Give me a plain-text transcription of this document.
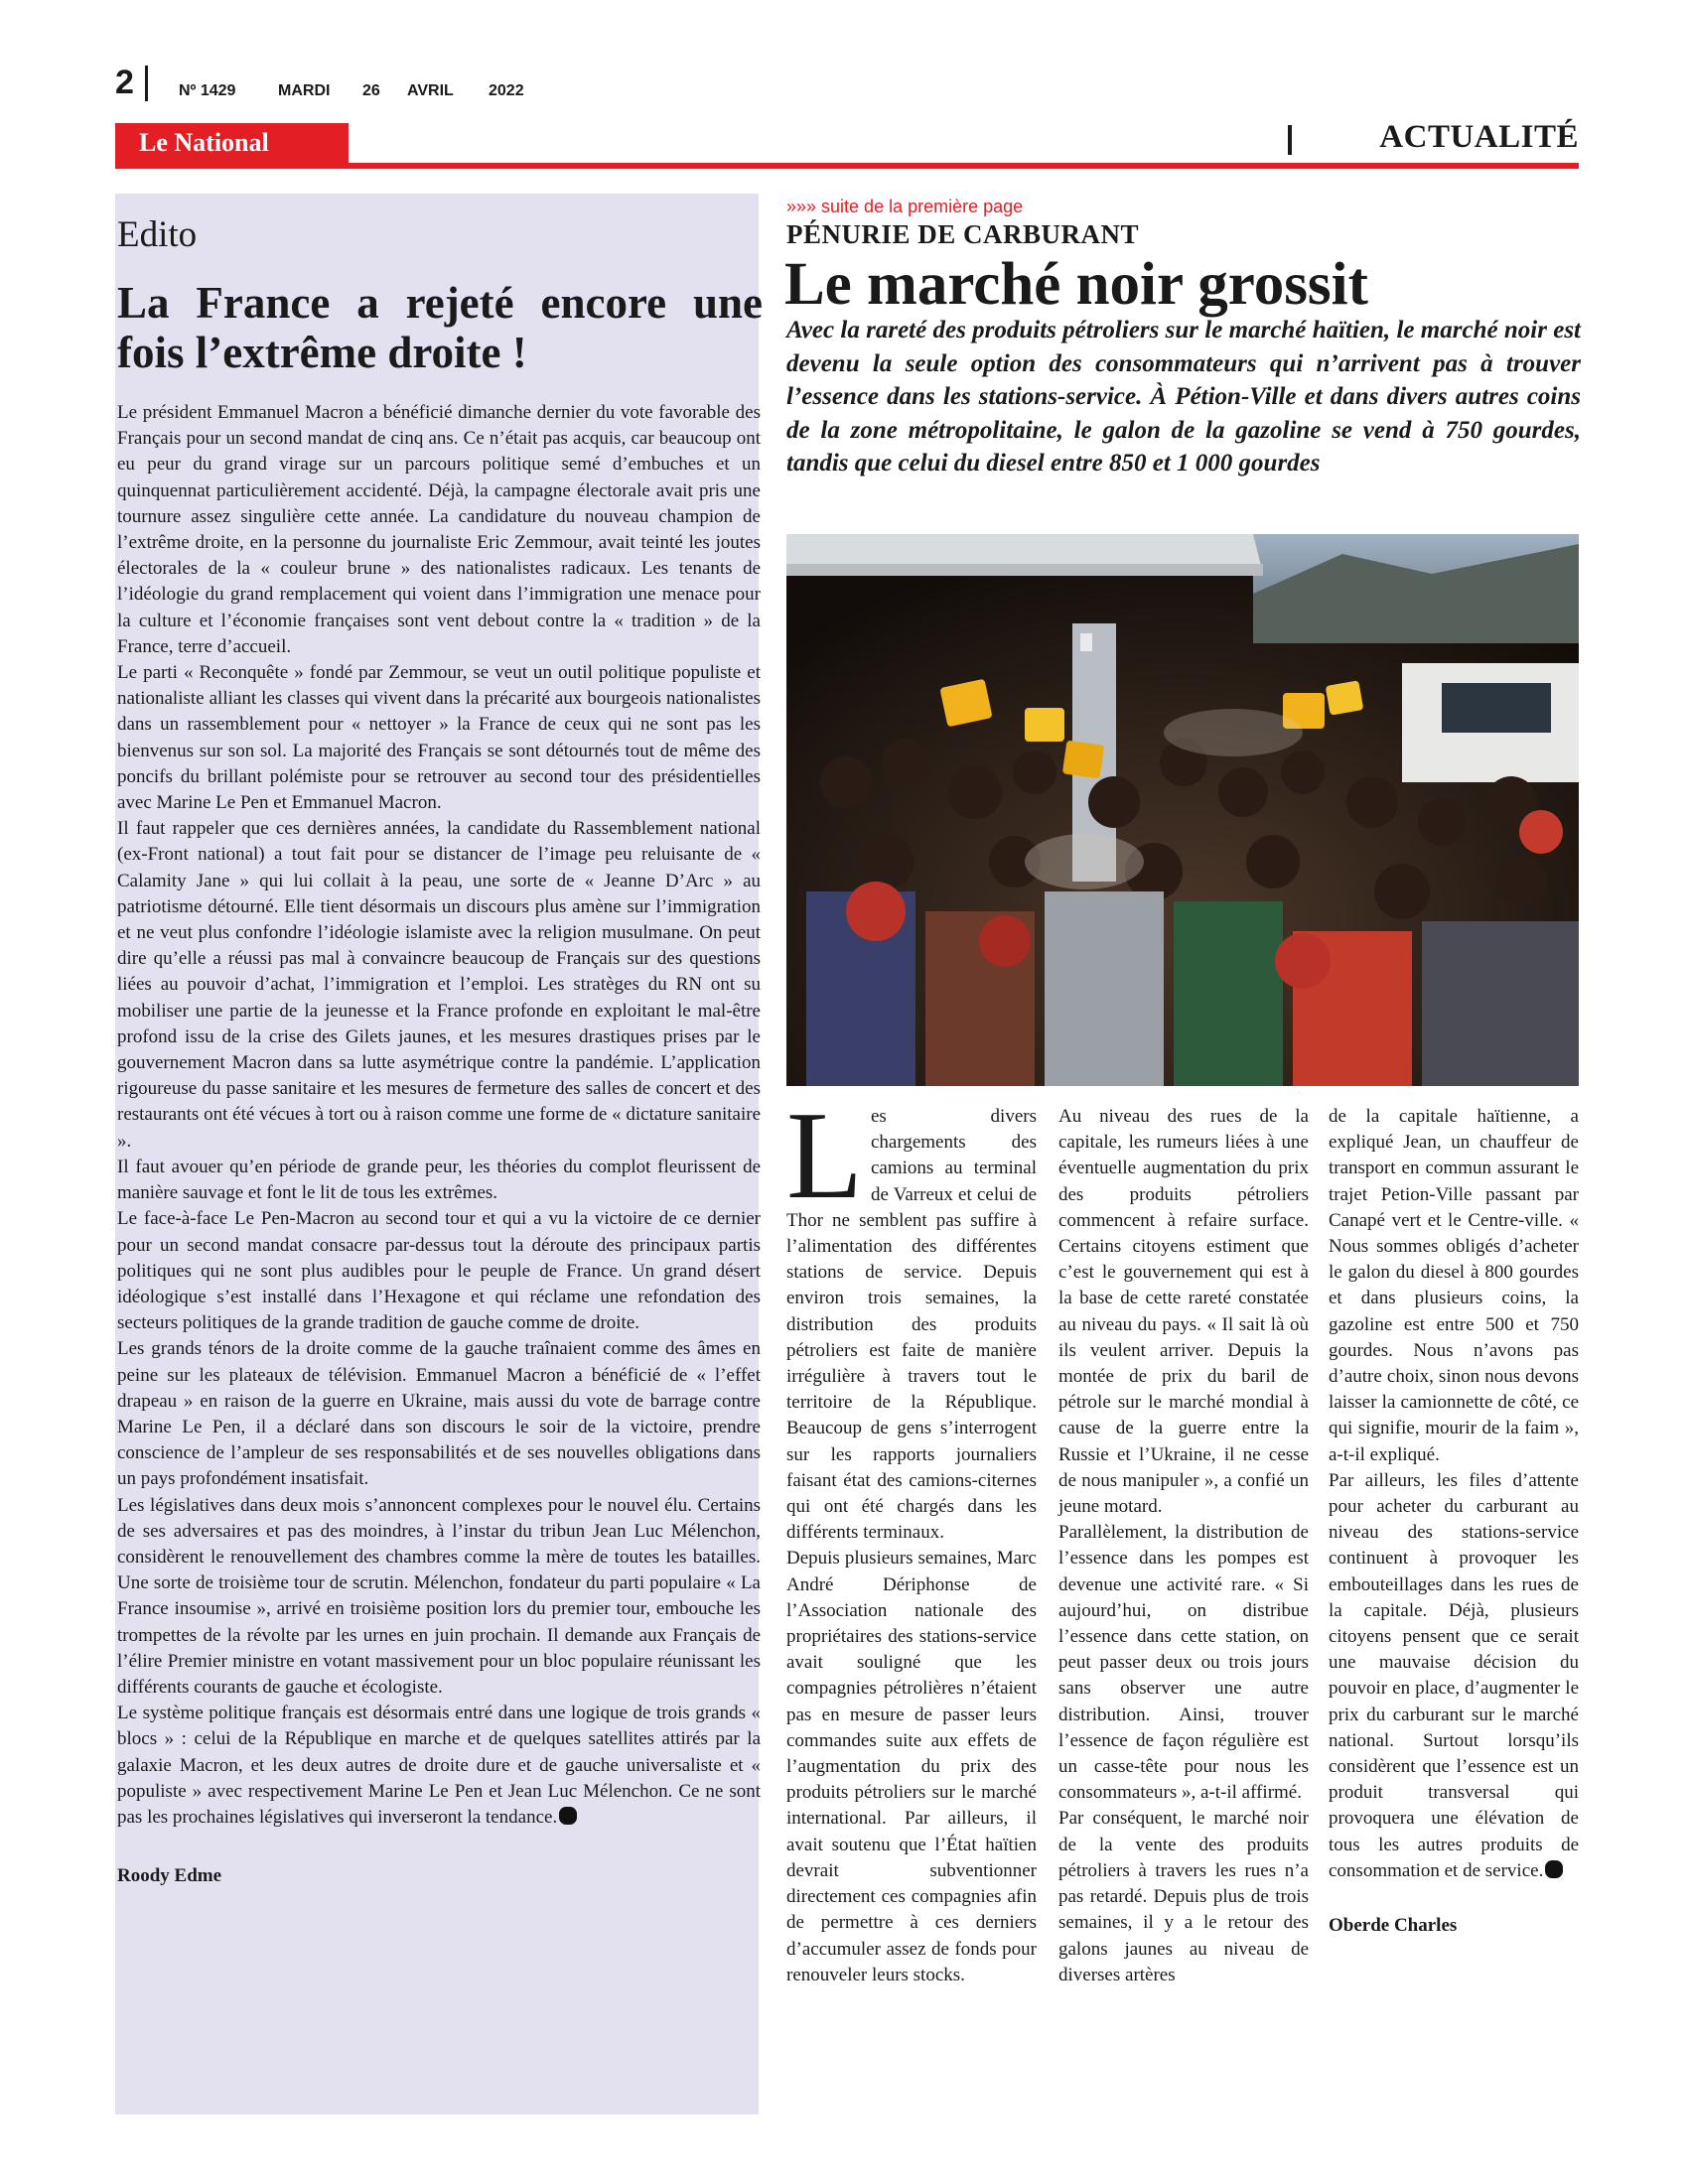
2	Nº 1429	MARDI 26 AVRIL 2022
Le National	ACTUALITÉ
Edito
La France a rejeté encore une fois l’extrême droite !

Le président Emmanuel Macron a bénéficié dimanche dernier du vote favorable des Français pour un second mandat de cinq ans. Ce n’était pas acquis, car beaucoup ont eu peur du grand virage sur un parcours politique semé d’embuches et un quinquennat particulièrement accidenté. Déjà, la campagne électorale avait pris une tournure assez singulière cette année. La candidature du nouveau champion de l’extrême droite, en la personne du journaliste Eric Zemmour, avait teinté les joutes électorales de la « couleur brune » des nationalistes radicaux. Les tenants de l’idéologie du grand remplacement qui voient dans l’immigration une menace pour la culture et l’économie françaises sont vent debout contre la « tradition » de la France, terre d’accueil.

Le parti « Reconquête » fondé par Zemmour, se veut un outil politique populiste et nationaliste alliant les classes qui vivent dans la précarité aux bourgeois nationalistes dans un rassemblement pour « nettoyer » la France de ceux qui ne sont pas les bienvenus sur son sol. La majorité des Français se sont détournés tout de même des poncifs du brillant polémiste pour se retrouver au second tour des présidentielles avec Marine Le Pen et Emmanuel Macron.

Il faut rappeler que ces dernières années, la candidate du Rassemblement national (ex-Front national) a tout fait pour se distancer de l’image peu reluisante de « Calamity Jane » qui lui collait à la peau, une sorte de « Jeanne D’Arc » au patriotisme détourné. Elle tient désormais un discours plus amène sur l’immigration et ne veut plus confondre l’idéologie islamiste avec la religion musulmane. On peut dire qu’elle a réussi pas mal à convaincre beaucoup de Français sur des questions liées au pouvoir d’achat, l’immigration et l’emploi. Les stratèges du RN ont su mobiliser une partie de la jeunesse et la France profonde en exploitant le mal-être profond issu de la crise des Gilets jaunes, et les mesures drastiques prises par le gouvernement Macron dans sa lutte asymétrique contre la pandémie. L’application rigoureuse du passe sanitaire et les mesures de fermeture des salles de concert et des restaurants ont été vécues à tort ou à raison comme une forme de « dictature sanitaire ».

Il faut avouer qu’en période de grande peur, les théories du complot fleurissent de manière sauvage et font le lit de tous les extrêmes.

Le face-à-face Le Pen-Macron au second tour et qui a vu la victoire de ce dernier pour un second mandat consacre par-dessus tout la déroute des principaux partis politiques qui ne sont plus audibles pour le peuple de France. Un grand désert idéologique s’est installé dans l’Hexagone et qui réclame une refondation des secteurs politiques de la grande tradition de gauche comme de droite.

Les grands ténors de la droite comme de la gauche traînaient comme des âmes en peine sur les plateaux de télévision. Emmanuel Macron a bénéficié de « l’effet drapeau » en raison de la guerre en Ukraine, mais aussi du vote de barrage contre Marine Le Pen, il a déclaré dans son discours le soir de la victoire, prendre conscience de l’ampleur de ses responsabilités et de ses nouvelles obligations dans un pays profondément insatisfait.

Les législatives dans deux mois s’annoncent complexes pour le nouvel élu. Certains de ses adversaires et pas des moindres, à l’instar du tribun Jean Luc Mélenchon, considèrent le renouvellement des chambres comme la mère de toutes les batailles. Une sorte de troisième tour de scrutin. Mélenchon, fondateur du parti populaire « La France insoumise », arrivé en troisième position lors du premier tour, embouche les trompettes de la révolte par les urnes en juin prochain. Il demande aux Français de l’élire Premier ministre en votant massivement pour un bloc populaire réunissant les différents courants de gauche et écologiste.

Le système politique français est désormais entré dans une logique de trois grands « blocs » : celui de la République en marche et de quelques satellites attirés par la galaxie Macron, et les deux autres de droite dure et de gauche universaliste et « populiste » avec respectivement Marine Le Pen et Jean Luc Mélenchon. Ce ne sont pas les prochaines législatives qui inverseront la tendance.

Roody Edme
»»» suite de la première page
PÉNURIE DE CARBURANT
Le marché noir grossit
Avec la rareté des produits pétroliers sur le marché haïtien, le marché noir est devenu la seule option des consommateurs qui n’arrivent pas à trouver l’essence dans les stations-service. À Pétion-Ville et dans divers autres coins de la zone métropolitaine, le galon de la gazoline se vend à 750 gourdes, tandis que celui du diesel entre 850 et 1 000 gourdes

Les divers chargements des camions au terminal de Varreux et celui de Thor ne semblent pas suffire à l’alimentation des différentes stations de service. Depuis environ trois semaines, la distribution des produits pétroliers est faite de manière irrégulière à travers tout le territoire de la République. Beaucoup de gens s’interrogent sur les rapports journaliers faisant état des camions-citernes qui ont été chargés dans les différents terminaux.

Depuis plusieurs semaines, Marc André Dériphonse de l’Association nationale des propriétaires des stations-service avait souligné que les compagnies pétrolières n’étaient pas en mesure de passer leurs commandes suite aux effets de l’augmentation du prix des produits pétroliers sur le marché international. Par ailleurs, il avait soutenu que l’État haïtien devrait subventionner directement ces compagnies afin de permettre à ces derniers d’accumuler assez de fonds pour renouveler leurs stocks.

Au niveau des rues de la capitale, les rumeurs liées à une éventuelle augmentation du prix des produits pétroliers commencent à refaire surface. Certains citoyens estiment que c’est le gouvernement qui est à la base de cette rareté constatée au niveau du pays. « Il sait là où ils veulent arriver. Depuis la montée de prix du baril de pétrole sur le marché mondial à cause de la guerre entre la Russie et l’Ukraine, il ne cesse de nous manipuler », a confié un jeune motard.

Parallèlement, la distribution de l’essence dans les pompes est devenue une activité rare. « Si aujourd’hui, on distribue l’essence dans cette station, on peut passer deux ou trois jours sans observer une autre distribution. Ainsi, trouver l’essence de façon régulière est un casse-tête pour nous les consommateurs », a-t-il affirmé.

Par conséquent, le marché noir de la vente des produits pétroliers à travers les rues n’a pas retardé. Depuis plus de trois semaines, il y a le retour des galons jaunes au niveau de diverses artères

de la capitale haïtienne, a expliqué Jean, un chauffeur de transport en commun assurant le trajet Petion-Ville passant par Canapé vert et le Centre-ville. « Nous sommes obligés d’acheter le galon du diesel à 800 gourdes et dans plusieurs coins, la gazoline est entre 500 et 750 gourdes. Nous n’avons pas d’autre choix, sinon nous devons laisser la camionnette de côté, ce qui signifie, mourir de la faim », a-t-il expliqué.

Par ailleurs, les files d’attente pour acheter du carburant au niveau des stations-service continuent à provoquer les embouteillages dans les rues de la capitale. Déjà, plusieurs citoyens pensent que ce serait une mauvaise décision du pouvoir en place, d’augmenter le prix du carburant sur le marché national. Surtout lorsqu’ils considèrent que l’essence est un produit transversal qui provoquera une élévation de tous les autres produits de consommation et de service.

Oberde Charles
